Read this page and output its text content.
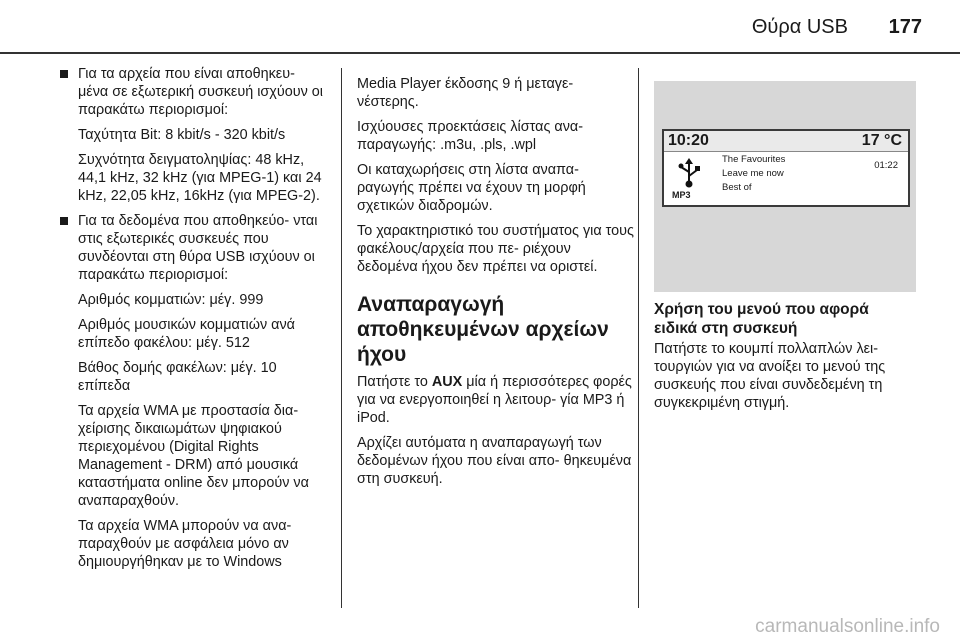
Θύρα USB 177

Για τα αρχεία που είναι αποθηκευ‐ μένα σε εξωτερική συσκευή ισχύουν οι παρακάτω περιορισμοί:

Ταχύτητα Bit: 8 kbit/s - 320 kbit/s

Συχνότητα δειγματοληψίας: 48 kHz, 44,1 kHz, 32 kHz (για MPEG-1) και 24 kHz, 22,05 kHz, 16kHz (για MPEG-2).

Για τα δεδομένα που αποθηκεύο‐ νται στις εξωτερικές συσκευές που συνδέονται στη θύρα USB ισχύουν οι παρακάτω περιορισμοί:

Αριθμός κομματιών: μέγ. 999

Αριθμός μουσικών κομματιών ανά επίπεδο φακέλου: μέγ. 512

Βάθος δομής φακέλων: μέγ. 10 επίπεδα

Τα αρχεία WMA με προστασία δια‐ χείρισης δικαιωμάτων ψηφιακού περιεχομένου (Digital Rights Management - DRM) από μουσικά καταστήματα online δεν μπορούν να αναπαραχθούν.

Τα αρχεία WMA μπορούν να ανα‐ παραχθούν με ασφάλεια μόνο αν δημιουργήθηκαν με το Windows

Media Player έκδοσης 9 ή μεταγε‐ νέστερης.

Ισχύουσες προεκτάσεις λίστας ανα‐ παραγωγής: .m3u, .pls, .wpl

Οι καταχωρήσεις στη λίστα αναπα‐ ραγωγής πρέπει να έχουν τη μορφή σχετικών διαδρομών.

Το χαρακτηριστικό του συστήματος για τους φακέλους/αρχεία που πε‐ ριέχουν δεδομένα ήχου δεν πρέπει να οριστεί.

Αναπαραγωγή αποθηκευμένων αρχείων ήχου

Πατήστε το AUX μία ή περισσότερες φορές για να ενεργοποιηθεί η λειτουρ‐ γία MP3 ή iPod.

Αρχίζει αυτόματα η αναπαραγωγή των δεδομένων ήχου που είναι απο‐ θηκευμένα στη συσκευή.

10:20	17 °C
MP3
The Favourites
Leave me now
Best of
01:22
Χρήση του μενού που αφορά ειδικά στη συσκευή

Πατήστε το κουμπί πολλαπλών λει‐ τουργιών για να ανοίξει το μενού της συσκευής που είναι συνδεδεμένη τη συγκεκριμένη στιγμή.

carmanualsonline.info
